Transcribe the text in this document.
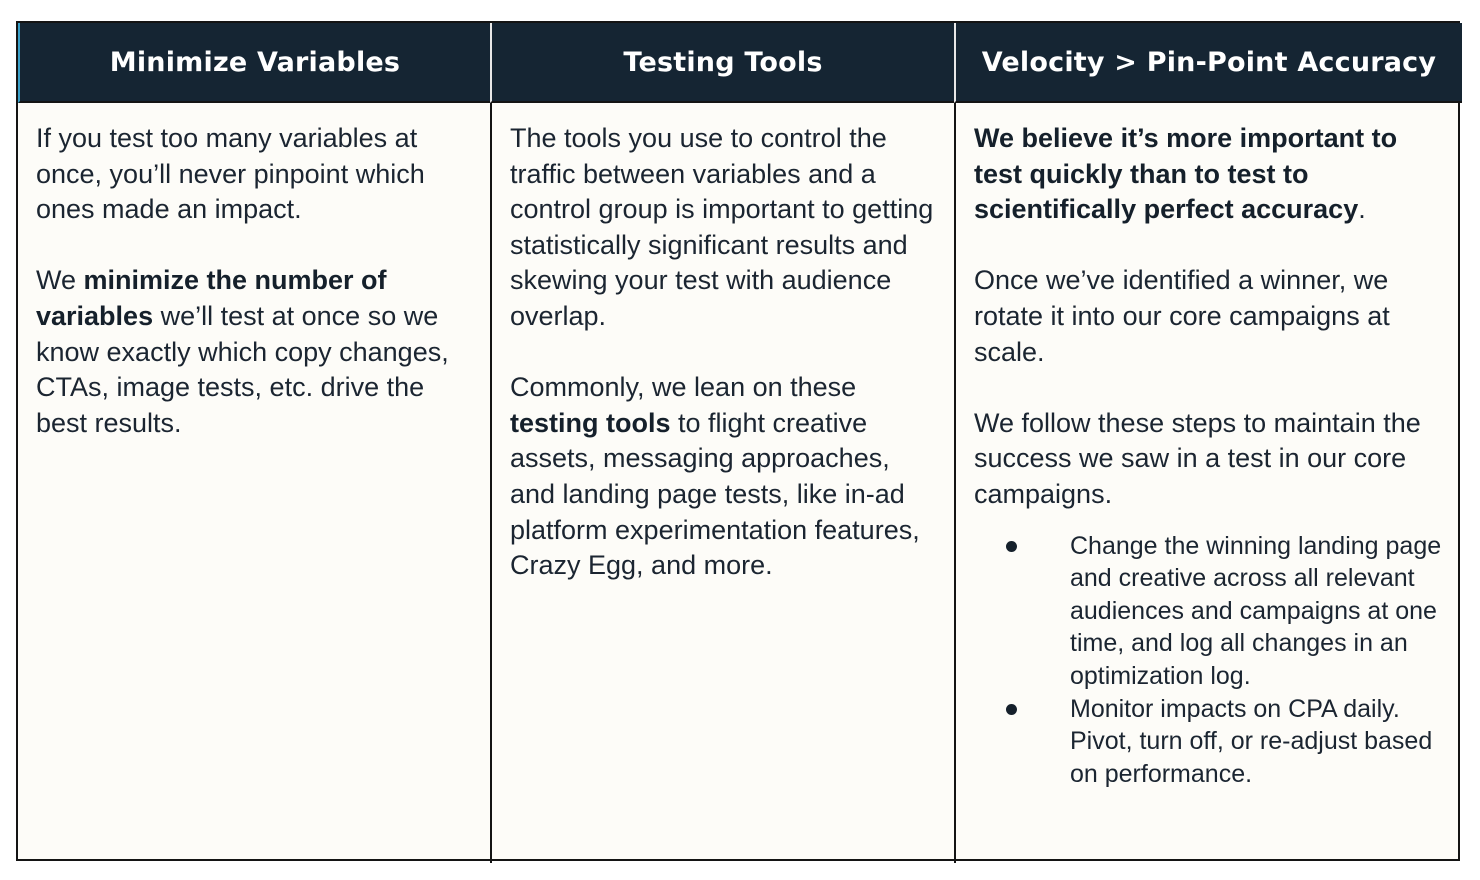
Minimize Variables	Testing Tools	Velocity > Pin-Point Accuracy

If you test too many variables at once, you’ll never pinpoint which ones made an impact.

We minimize the number of variables we’ll test at once so we know exactly which copy changes, CTAs, image tests, etc. drive the best results.

The tools you use to control the traffic between variables and a control group is important to getting statistically significant results and skewing your test with audience overlap.

Commonly, we lean on these testing tools to flight creative assets, messaging approaches, and landing page tests, like in-ad platform experimentation features, Crazy Egg, and more.

We believe it’s more important to test quickly than to test to scientifically perfect accuracy.

Once we’ve identified a winner, we rotate it into our core campaigns at scale.

We follow these steps to maintain the success we saw in a test in our core campaigns.

Change the winning landing page and creative across all relevant audiences and campaigns at one time, and log all changes in an optimization log.
Monitor impacts on CPA daily. Pivot, turn off, or re-adjust based on performance.
